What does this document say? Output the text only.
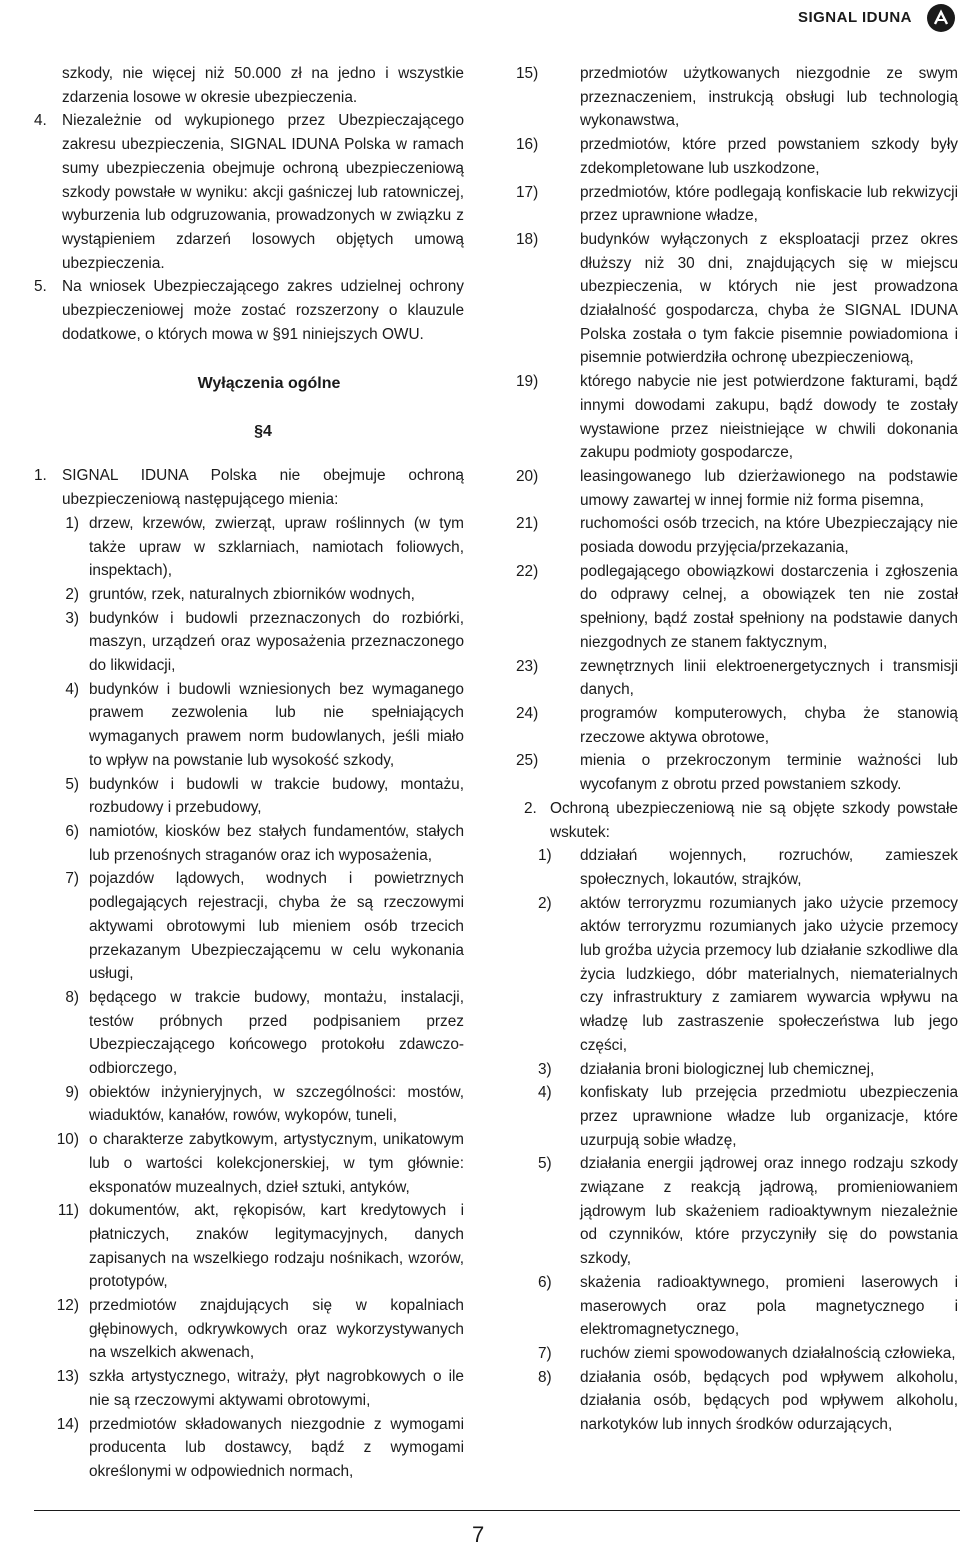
SIGNAL IDUNA

szkody, nie więcej niż 50.000 zł na jedno i wszystkie zdarzenia losowe w okresie ubezpieczenia.

4. Niezależnie od wykupionego przez Ubezpieczającego zakresu ubezpieczenia, SIGNAL IDUNA Polska w ramach sumy ubezpieczenia obejmuje ochroną ubezpieczeniową szkody powstałe w wyniku: akcji gaśniczej lub ratowniczej, wyburzenia lub odgruzowania, prowadzonych w związku z wystąpieniem zdarzeń losowych objętych umową ubezpieczenia.

5. Na wniosek Ubezpieczającego zakres udzielnej ochrony ubezpieczeniowej może zostać rozszerzony o klauzule dodatkowe, o których mowa w §91 niniejszych OWU.

Wyłączenia ogólne
§4

1. SIGNAL IDUNA Polska nie obejmuje ochroną ubezpieczeniową następującego mienia:

1) drzew, krzewów, zwierząt, upraw roślinnych (w tym także upraw w szklarniach, namiotach foliowych, inspektach),

2) gruntów, rzek, naturalnych zbiorników wodnych,

3) budynków i budowli przeznaczonych do rozbiórki, maszyn, urządzeń oraz wyposażenia przeznaczonego do likwidacji,

4) budynków i budowli wzniesionych bez wymaganego prawem zezwolenia lub nie spełniających wymaganych prawem norm budowlanych, jeśli miało to wpływ na powstanie lub wysokość szkody,

5) budynków i budowli w trakcie budowy, montażu, rozbudowy i przebudowy,

6) namiotów, kiosków bez stałych fundamentów, stałych lub przenośnych straganów oraz ich wyposażenia,

7) pojazdów lądowych, wodnych i powietrznych podlegających rejestracji, chyba że są rzeczowymi aktywami obrotowymi lub mieniem osób trzecich przekazanym Ubezpieczającemu w celu wykonania usługi,

8) będącego w trakcie budowy, montażu, instalacji, testów próbnych przed podpisaniem przez Ubezpieczającego końcowego protokołu zdawczo-odbiorczego,

9) obiektów inżynieryjnych, w szczególności: mostów, wiaduktów, kanałów, rowów, wykopów, tuneli,

10) o charakterze zabytkowym, artystycznym, unikatowym lub o wartości kolekcjonerskiej, w tym głównie: eksponatów muzealnych, dzieł sztuki, antyków,

11) dokumentów, akt, rękopisów, kart kredytowych i płatniczych, znaków legitymacyjnych, danych zapisanych na wszelkiego rodzaju nośnikach, wzorów, prototypów,

12) przedmiotów znajdujących się w kopalniach głębinowych, odkrywkowych oraz wykorzystywanych na wszelkich akwenach,

13) szkła artystycznego, witraży, płyt nagrobkowych o ile nie są rzeczowymi aktywami obrotowymi,

14) przedmiotów składowanych niezgodnie z wymogami producenta lub dostawcy, bądź z wymogami określonymi w odpowiednich normach,

15)	przedmiotów użytkowanych niezgodnie ze swym przeznaczeniem, instrukcją obsługi lub technologią wykonawstwa,

16)	przedmiotów, które przed powstaniem szkody były zdekompletowane lub uszkodzone,

17)	przedmiotów, które podlegają konfiskacie lub rekwizycji przez uprawnione władze,

18)	budynków wyłączonych z eksploatacji przez okres dłuższy niż 30 dni, znajdujących się w miejscu ubezpieczenia, w których nie jest prowadzona działalność gospodarcza, chyba że SIGNAL IDUNA Polska została o tym fakcie pisemnie powiadomiona i pisemnie potwierdziła ochronę ubezpieczeniową,

19)	którego nabycie nie jest potwierdzone fakturami, bądź innymi dowodami zakupu, bądź dowody te zostały wystawione przez nieistniejące w chwili dokonania zakupu podmioty gospodarcze,

20)	leasingowanego lub dzierżawionego na podstawie umowy zawartej w innej formie niż forma pisemna,

21)	ruchomości osób trzecich, na które Ubezpieczający nie posiada dowodu przyjęcia/przekazania,

22)	podlegającego obowiązkowi dostarczenia i zgłoszenia do odprawy celnej, a obowiązek ten nie został spełniony, bądź został spełniony na podstawie danych niezgodnych ze stanem faktycznym,

23)	zewnętrznych linii elektroenergetycznych i transmisji danych,

24)	programów komputerowych, chyba że stanowią rzeczowe aktywa obrotowe,

25)	mienia o przekroczonym terminie ważności lub wycofanym z obrotu przed powstaniem szkody.

2. Ochroną ubezpieczeniową nie są objęte szkody powstałe wskutek:

1)	ddziałań wojennych, rozruchów, zamieszek społecznych, lokautów, strajków,

2)	aktów terroryzmu rozumianych jako użycie przemocy aktów terroryzmu rozumianych jako użycie przemocy lub groźba użycia przemocy lub działanie szkodliwe dla życia ludzkiego, dóbr materialnych, niematerialnych czy infrastruktury z zamiarem wywarcia wpływu na władzę lub zastraszenie społeczeństwa lub jego części,

3)	działania broni biologicznej lub chemicznej,

4)	konfiskaty lub przejęcia przedmiotu ubezpieczenia przez uprawnione władze lub organizacje, które uzurpują sobie władzę,

5)	działania energii jądrowej oraz innego rodzaju szkody związane z reakcją jądrową, promieniowaniem jądrowym lub skażeniem radioaktywnym niezależnie od czynników, które przyczyniły się do powstania szkody,

6)	skażenia radioaktywnego, promieni laserowych i maserowych oraz pola magnetycznego i elektromagnetycznego,

7)	ruchów ziemi spowodowanych działalnością człowieka,

8)	działania osób, będących pod wpływem alkoholu, działania osób, będących pod wpływem alkoholu, narkotyków lub innych środków odurzających,

7
